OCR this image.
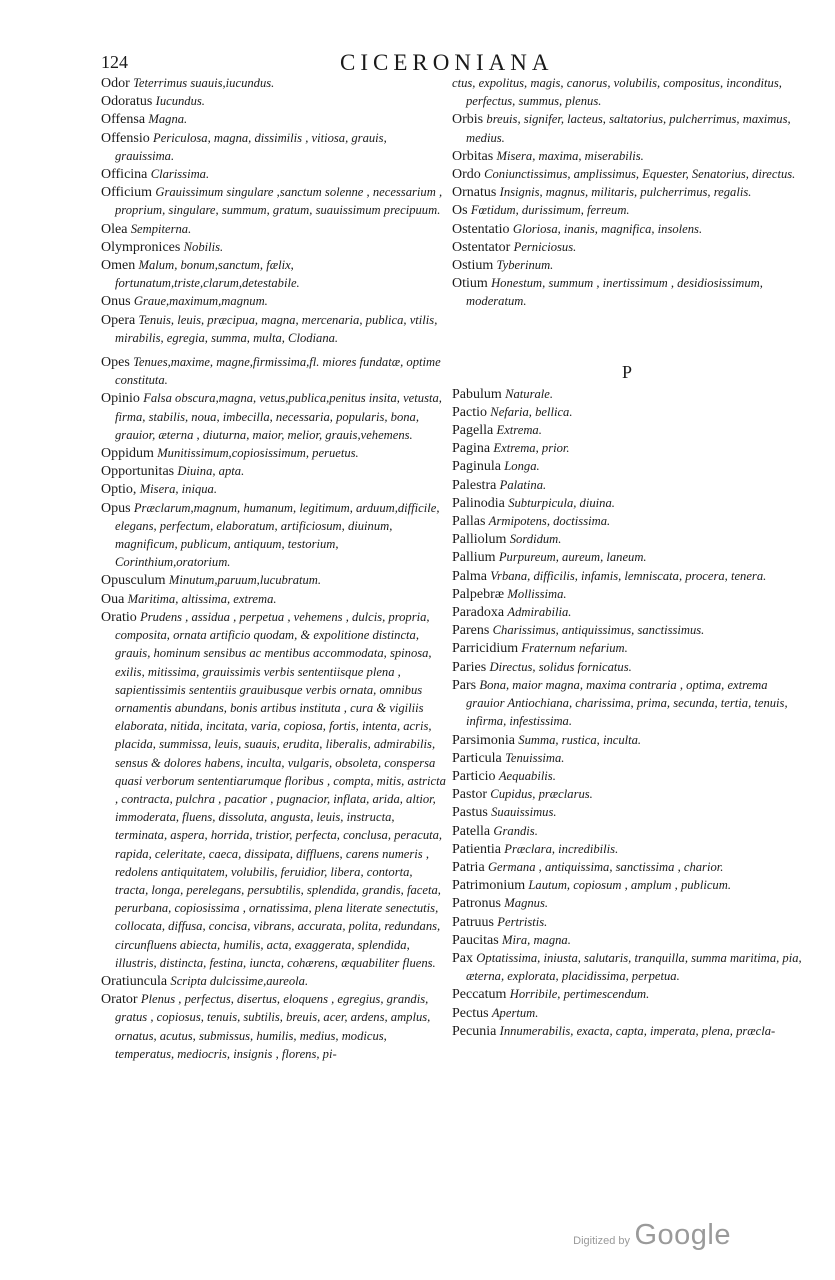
124	CICERONIANA

Odor Teterrimus suauis,iucundus.

Odoratus Iucundus.

Offensa Magna.

Offensio Periculosa, magna, dissimilis , vitiosa, grauis, grauissima.

Officina Clarissima.

Officium Grauissimum singulare ,sanctum solenne , necessarium , proprium, singulare, summum, gratum, suauissimum precipuum.

Olea Sempiterna.

Olympronices Nobilis.

Omen Malum, bonum,sanctum, fælix, fortunatum,triste,clarum,detestabile.

Onus Graue,maximum,magnum.

Opera Tenuis, leuis, præcipua, magna, mercenaria, publica, vtilis, mirabilis, egregia, summa, multa, Clodiana.

Opes Tenues,maxime, magne,firmissima,fl. miores fundatæ, optime constituta.

Opinio Falsa obscura,magna, vetus,publica,penitus insita, vetusta, firma, stabilis, noua, imbecilla, necessaria, popularis, bona, grauior, æterna , diuturna, maior, melior, grauis,vehemens.

Oppidum Munitissimum,copiosissimum, peruetus.

Opportunitas Diuina, apta.

Optio, Misera, iniqua.

Opus Præclarum,magnum, humanum, legitimum, arduum,difficile, elegans, perfectum, elaboratum, artificiosum, diuinum, magnificum, publicum, antiquum, testorium, Corinthium,oratorium.

Opusculum Minutum,paruum,lucubratum.

Oua Maritima, altissima, extrema.

Oratio Prudens , assidua , perpetua , vehemens , dulcis, propria, composita, ornata artificio quodam, & expolitione distincta, grauis, hominum sensibus ac mentibus accommodata, spinosa, exilis, mitissima, grauissimis verbis sententiisque plena , sapientissimis sententiis grauibusque verbis ornata, omnibus ornamentis abundans, bonis artibus instituta , cura & vigiliis elaborata, nitida, incitata, varia, copiosa, fortis, intenta, acris, placida, summissa, leuis, suauis, erudita, liberalis, admirabilis, sensus & dolores habens, inculta, vulgaris, obsoleta, conspersa quasi verborum sententiarumque floribus , compta, mitis, astricta , contracta, pulchra , pacatior , pugnacior, inflata, arida, altior, immoderata, fluens, dissoluta, angusta, leuis, instructa, terminata, aspera, horrida, tristior, perfecta, conclusa, peracuta, rapida, celeritate, caeca, dissipata, diffluens, carens numeris , redolens antiquitatem, volubilis, feruidior, libera, contorta, tracta, longa, perelegans, persubtilis, splendida, grandis, faceta, perurbana, copiosissima , ornatissima, plena literate senectutis, collocata, diffusa, concisa, vibrans, accurata, polita, redundans, circunfluens abiecta, humilis, acta, exaggerata, splendida, illustris, distincta, festina, iuncta, cohærens, æquabiliter fluens.

Oratiuncula Scripta dulcissime,aureola.

Orator Plenus , perfectus, disertus, eloquens , egregius, grandis, gratus , copiosus, tenuis, subtilis, breuis, acer, ardens, amplus, ornatus, acutus, submissus, humilis, medius, modicus, temperatus, mediocris, insignis , florens, pi-

ctus, expolitus, magis, canorus, volubilis, compositus, inconditus, perfectus, summus, plenus.

Orbis breuis, signifer, lacteus, saltatorius, pulcherrimus, maximus, medius.

Orbitas Misera, maxima, miserabilis.

Ordo Coniunctissimus, amplissimus, Equester, Senatorius, directus.

Ornatus Insignis, magnus, militaris, pulcherrimus, regalis.

Os Fœtidum, durissimum, ferreum.

Ostentatio Gloriosa, inanis, magnifica, insolens.

Ostentator Perniciosus.

Ostium Tyberinum.

Otium Honestum, summum , inertissimum , desidiosissimum, moderatum.

P

Pabulum Naturale.

Pactio Nefaria, bellica.

Pagella Extrema.

Pagina Extrema, prior.

Paginula Longa.

Palestra Palatina.

Palinodia Subturpicula, diuina.

Pallas Armipotens, doctissima.

Palliolum Sordidum.

Pallium Purpureum, aureum, laneum.

Palma Vrbana, difficilis, infamis, lemniscata, procera, tenera.

Palpebræ Mollissima.

Paradoxa Admirabilia.

Parens Charissimus, antiquissimus, sanctissimus.

Parricidium Fraternum nefarium.

Paries Directus, solidus fornicatus.

Pars Bona, maior magna, maxima contraria , optima, extrema grauior Antiochiana, charissima, prima, secunda, tertia, tenuis, infirma, infestissima.

Parsimonia Summa, rustica, inculta.

Particula Tenuissima.

Particio Aequabilis.

Pastor Cupidus, præclarus.

Pastus Suauissimus.

Patella Grandis.

Patientia Præclara, incredibilis.

Patria Germana , antiquissima, sanctissima , charior.

Patrimonium Lautum, copiosum , amplum , publicum.

Patronus Magnus.

Patruus Pertristis.

Paucitas Mira, magna.

Pax Optatissima, iniusta, salutaris, tranquilla, summa maritima, pia, æterna, explorata, placidissima, perpetua.

Peccatum Horribile, pertimescendum.

Pectus Apertum.

Pecunia Innumerabilis, exacta, capta, imperata, plena, præcla-

Digitized by Google
